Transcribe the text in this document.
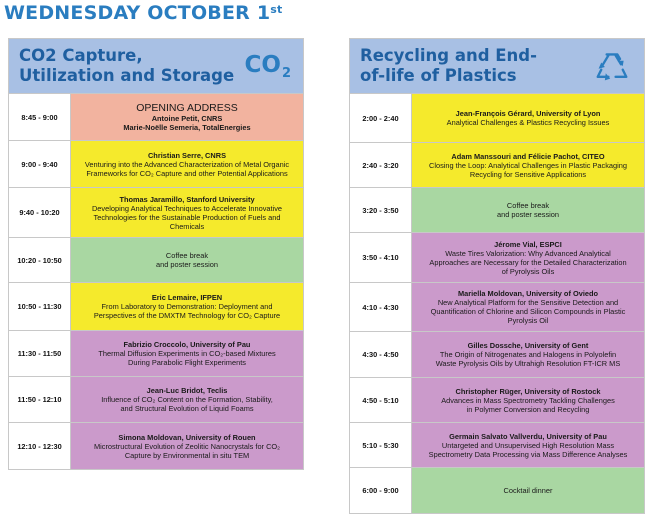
WEDNESDAY OCTOBER 1st
CO2 Capture,
Utilization and Storage $CO_2$
8:45 - 9:00
OPENING ADDRESS
Antoine Petit, CNRS
Marie-Noëlle Semeria, TotalEnergies
9:00 - 9:40
Christian Serre, CNRS
Venturing into the Advanced Characterization of Metal Organic
Frameworks for CO₂ Capture and other Potential Applications
9:40 - 10:20
Thomas Jaramillo, Stanford University
Developing Analytical Techniques to Accelerate Innovative
Technologies for the Sustainable Production of Fuels and
Chemicals
10:20 - 10:50	Coffee break
and poster session
10:50 - 11:30
Eric Lemaire, IFPEN
From Laboratory to Demonstration: Deployment and
Perspectives of the DMXTM Technology for CO₂ Capture
11:30 - 11:50
Fabrizio Croccolo, University of Pau
Thermal Diffusion Experiments in CO₂-based Mixtures
During Parabolic Flight Experiments
11:50 - 12:10
Jean-Luc Bridot, Teclis
Influence of CO₂ Content on the Formation, Stability,
and Structural Evolution of Liquid Foams
12:10 - 12:30
Simona Moldovan, University of Rouen
Microstructural Evolution of Zeolitic Nanocrystals for CO₂
Capture by Environmental in situ TEM
Recycling and End-
of-life of Plastics
2:00 - 2:40	Jean-François Gérard, University of Lyon
Analytical Challenges & Plastics Recycling Issues
2:40 - 3:20
Adam Manssouri and Félicie Pachot, CITEO
Closing the Loop: Analytical Challenges in Plastic Packaging
Recycling for Sensitive Applications
3:20 - 3:50	Coffee break
and poster session
3:50 - 4:10
Jérome Vial, ESPCI
Waste Tires Valorization: Why Advanced Analytical
Approaches are Necessary for the Detailed Characterization
of Pyrolysis Oils
4:10 - 4:30
Mariella Moldovan, University of Oviedo
New Analytical Platform for the Sensitive Detection and
Quantification of Chlorine and Silicon Compounds in Plastic
Pyrolysis Oil
4:30 - 4:50
Gilles Dossche, University of Gent
The Origin of Nitrogenates and Halogens in Polyolefin
Waste Pyrolysis Oils by Ultrahigh Resolution FT-ICR MS
4:50 - 5:10
Christopher Rüger, University of Rostock
Advances in Mass Spectrometry Tackling Challenges
in Polymer Conversion and Recycling
5:10 - 5:30
Germain Salvato Vallverdu, University of Pau
Untargeted and Unsupervised High Resolution Mass
Spectrometry Data Processing via Mass Difference Analyses
6:00 - 9:00	Cocktail dinner
